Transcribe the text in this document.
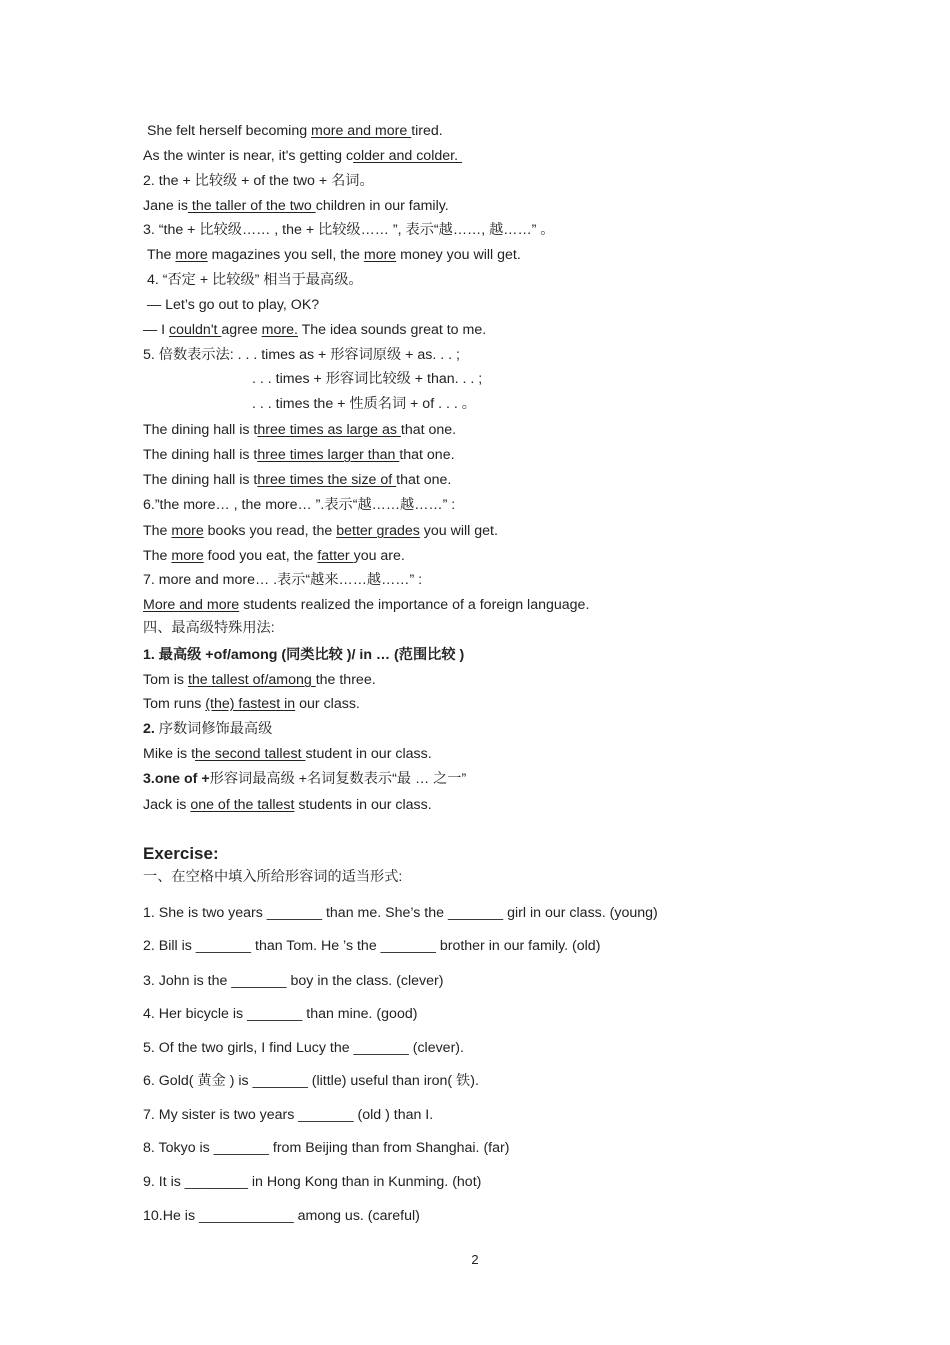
She felt herself becoming more and more tired.
As the winter is near, it's getting colder and colder.
2. the + 比较级 + of the two + 名词。
Jane is the taller of the two children in our family.
3. “the + 比较级…… , the + 比较级…… ”, 表示“越……, 越……” 。
The more magazines you sell, the more money you will get.
4. “否定 + 比较级” 相当于最高级。
— Let’s go out to play, OK?
— I couldn't agree more. The idea sounds great to me.
5. 倍数表示法: . . . times as + 形容词原级 + as. . . ;
. . . times + 形容词比较级 + than. . . ;
. . . times the + 性质名词 + of . . . 。
The dining hall is three times as large as that one.
The dining hall is three times larger than that one.
The dining hall is three times the size of that one.
6.”the more… , the more… ”.表示“越……越……” :
The more books you read, the better grades you will get.
The more food you eat, the fatter you are.
7. more and more… .表示“越来……越……” :
More and more students realized the importance of a foreign language.
四、最高级特殊用法:
1. 最高级 +of/among (同类比较 )/ in … (范围比较 )
Tom is the tallest of/among the three.
Tom runs (the) fastest in our class.
2. 序数词修饰最高级
Mike is the second tallest student in our class.
3.one of +形容词最高级 +名词复数表示“最 … 之一”
Jack is one of the tallest students in our class.
Exercise:
一、在空格中填入所给形容词的适当形式:
1. She is two years _______ than me. She’s the _______ girl in our class. (young)
2. Bill is _______ than Tom. He ’s the _______ brother in our family. (old)
3. John is the _______ boy in the class. (clever)
4. Her bicycle is _______ than mine. (good)
5. Of the two girls, I find Lucy the _______ (clever).
6. Gold( 黄金 ) is _______ (little) useful than iron( 铁).
7. My sister is two years _______ (old ) than I.
8. Tokyo is _______ from Beijing than from Shanghai. (far)
9. It is ________ in Hong Kong than in Kunming. (hot)
10.He is ____________ among us. (careful)
2
